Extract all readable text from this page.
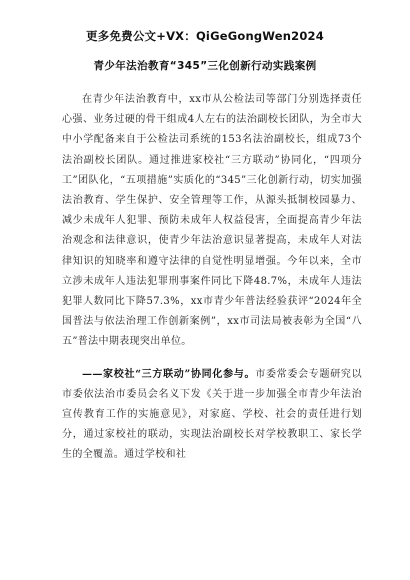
更多免费公文+VX：QiGeGongWen2024
青少年法治教育“345”三化创新行动实践案例

在青少年法治教育中，xx市从公检法司等部门分别选择责任心强、业务过硬的骨干组成4人左右的法治副校长团队，为全市大中小学配备来自于公检法司系统的153名法治副校长，组成73个法治副校长团队。通过推进家校社“三方联动”协同化，“四项分工”团队化，“五项措施”实质化的“345”三化创新行动，切实加强法治教育、学生保护、安全管理等工作，从源头抵制校园暴力、减少未成年人犯罪、预防未成年人权益侵害，全面提高青少年法治观念和法律意识，使青少年法治意识显著提高，未成年人对法律知识的知晓率和遵守法律的自觉性明显增强。今年以来，全市立涉未成年人违法犯罪刑事案件同比下降48.7%，未成年人违法犯罪人数同比下降57.3%，xx市青少年普法经验获评“2024年全国普法与依法治理工作创新案例”，xx市司法局被表彰为全国“八五”普法中期表现突出单位。

——家校社“三方联动”协同化参与。市委常委会专题研究以市委依法治市委员会名义下发《关于进一步加强全市青少年法治宣传教育工作的实施意见》，对家庭、学校、社会的责任进行划分，通过家校社的联动，实现法治副校长对学校教职工、家长学生的全覆盖。通过学校和社
